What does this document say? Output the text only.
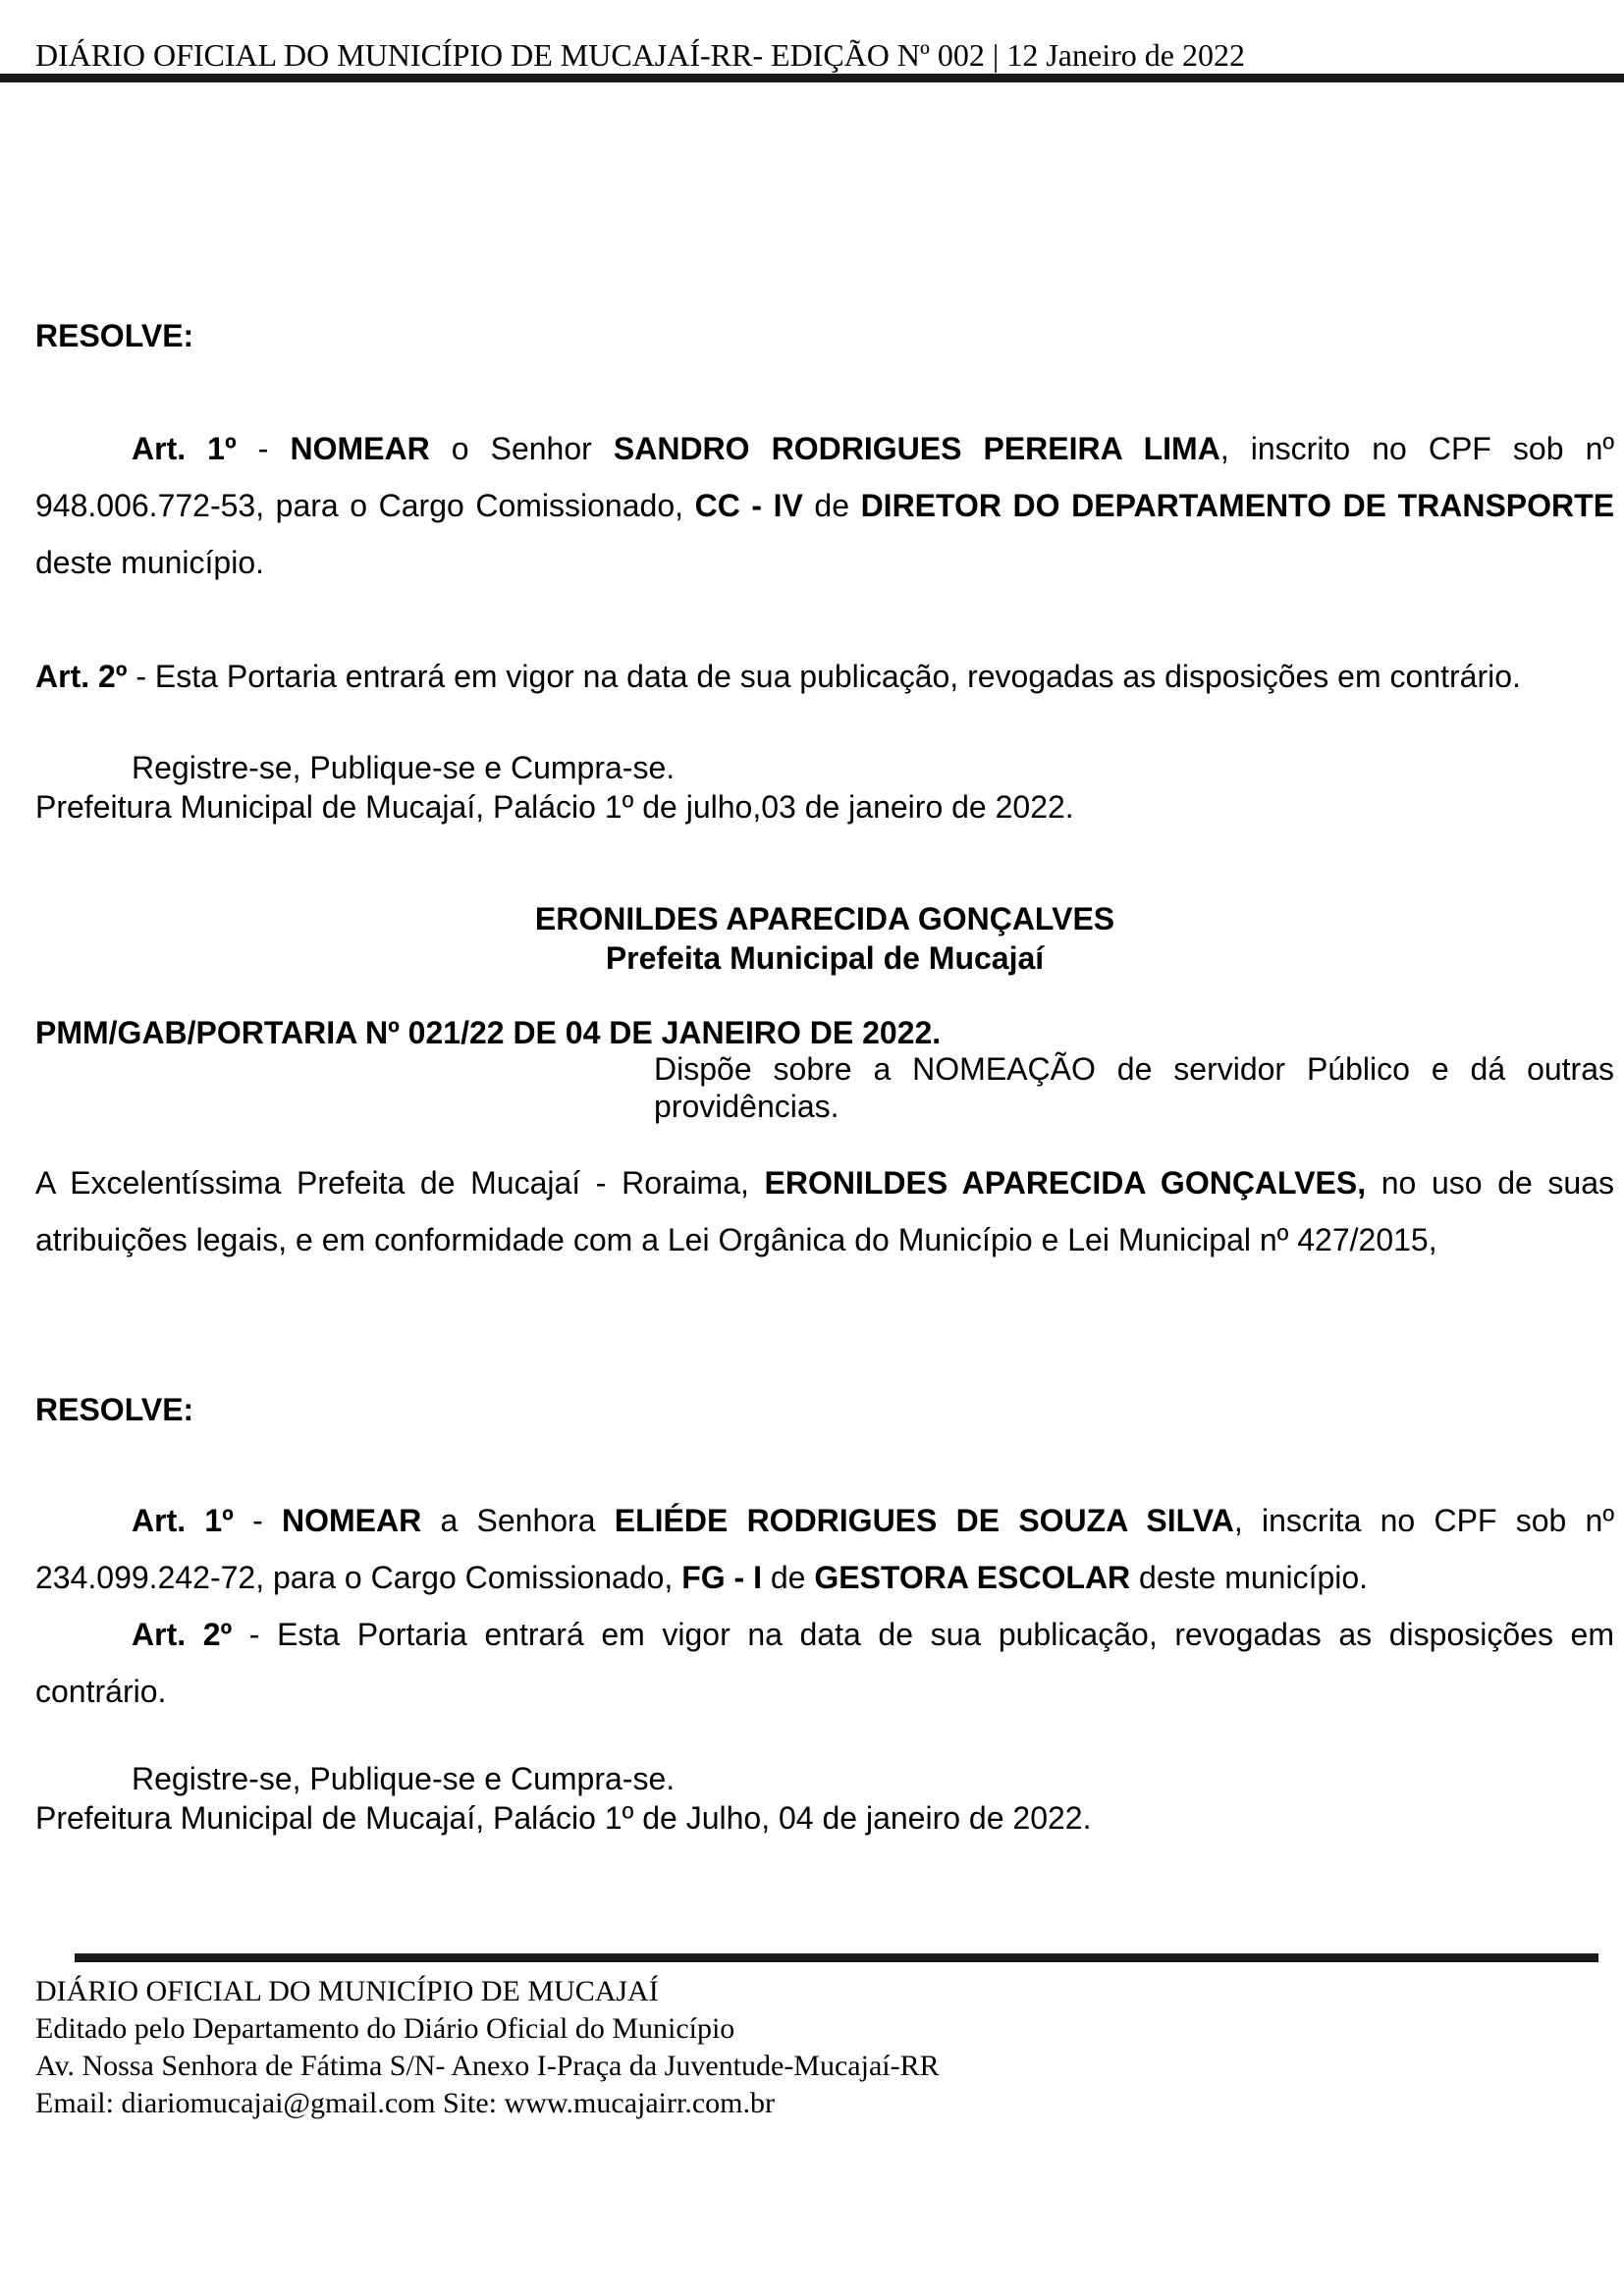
DIÁRIO OFICIAL DO MUNICÍPIO DE MUCAJAÍ-RR- EDIÇÃO Nº 002 | 12 Janeiro de 2022
RESOLVE:
Art. 1º - NOMEAR o Senhor SANDRO RODRIGUES PEREIRA LIMA, inscrito no CPF sob nº 948.006.772-53, para o Cargo Comissionado, CC - IV de DIRETOR DO DEPARTAMENTO DE TRANSPORTE deste município.
Art. 2º - Esta Portaria entrará em vigor na data de sua publicação, revogadas as disposições em contrário.
Registre-se, Publique-se e Cumpra-se.
Prefeitura Municipal de Mucajaí, Palácio 1º de julho,03 de janeiro de 2022.
ERONILDES APARECIDA GONÇALVES
Prefeita Municipal de Mucajaí
PMM/GAB/PORTARIA Nº 021/22 DE 04 DE JANEIRO DE 2022.
Dispõe sobre a NOMEAÇÃO de servidor Público e dá outras providências.
A Excelentíssima Prefeita de Mucajaí - Roraima, ERONILDES APARECIDA GONÇALVES, no uso de suas atribuições legais, e em conformidade com a Lei Orgânica do Município e Lei Municipal nº 427/2015,
RESOLVE:
Art. 1º - NOMEAR a Senhora ELIÉDE RODRIGUES DE SOUZA SILVA, inscrita no CPF sob nº 234.099.242-72, para o Cargo Comissionado, FG - I de GESTORA ESCOLAR deste município.
Art. 2º - Esta Portaria entrará em vigor na data de sua publicação, revogadas as disposições em contrário.
Registre-se, Publique-se e Cumpra-se.
Prefeitura Municipal de Mucajaí, Palácio 1º de Julho, 04 de janeiro de 2022.
DIÁRIO OFICIAL DO MUNICÍPIO DE MUCAJAÍ
Editado pelo Departamento do Diário Oficial do Município
Av. Nossa Senhora de Fátima S/N- Anexo I-Praça da Juventude-Mucajaí-RR
Email: diariomucajai@gmail.com Site: www.mucajairr.com.br
